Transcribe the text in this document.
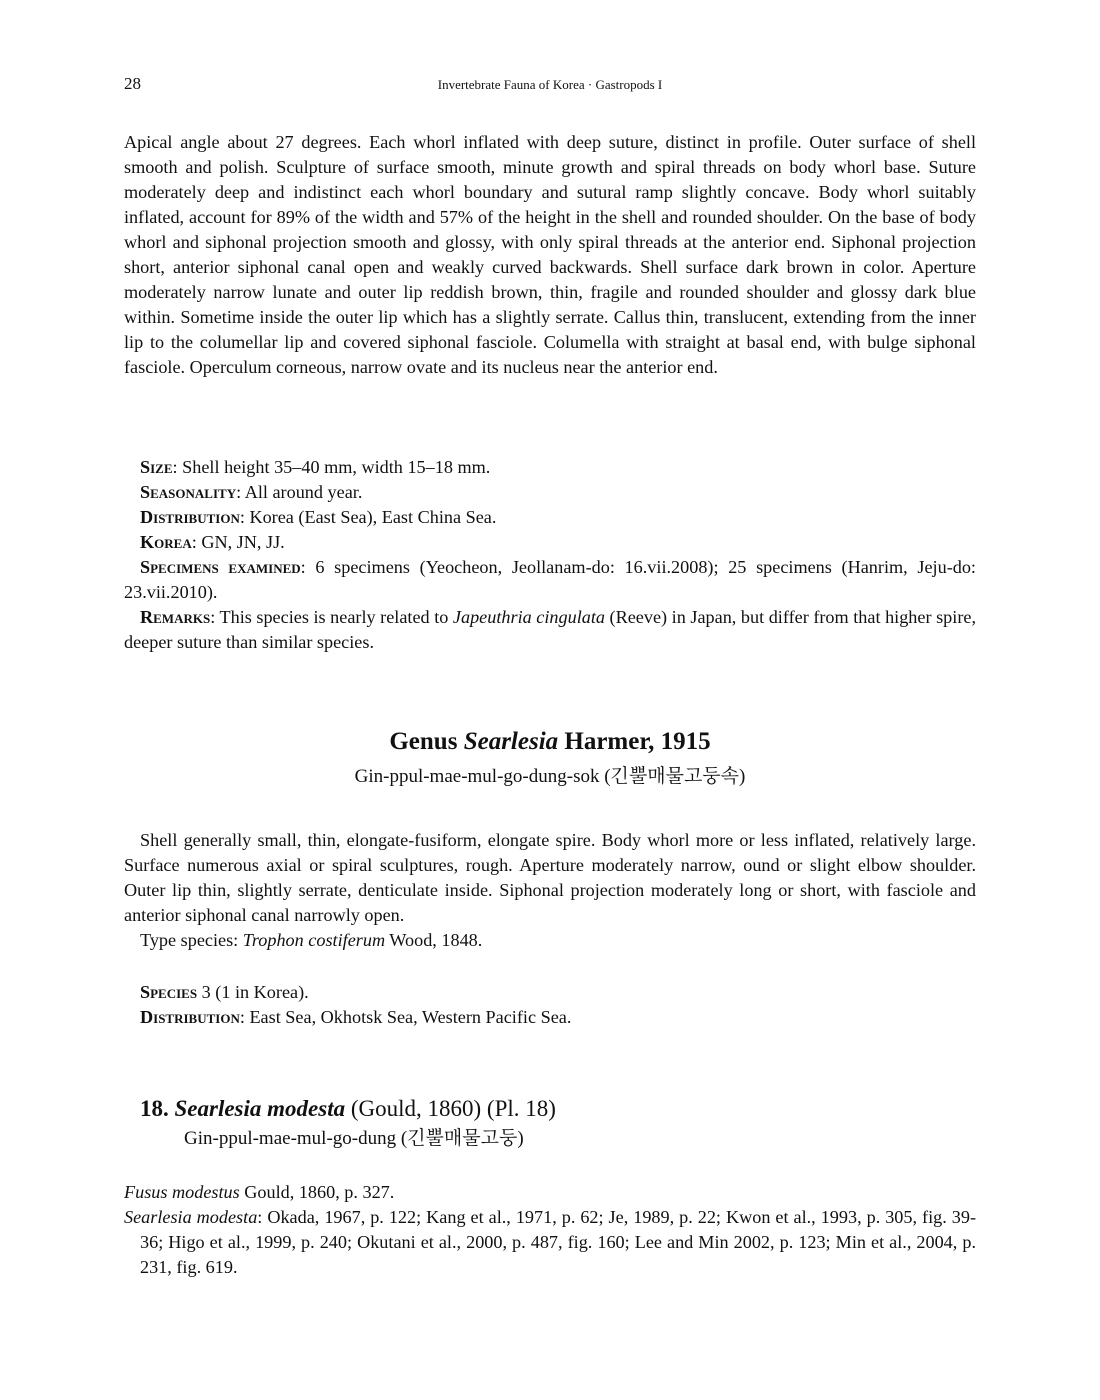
28	Invertebrate Fauna of Korea · Gastropods I

Apical angle about 27 degrees. Each whorl inflated with deep suture, distinct in profile. Outer surface of shell smooth and polish. Sculpture of surface smooth, minute growth and spiral threads on body whorl base. Suture moderately deep and indistinct each whorl boundary and sutural ramp slightly concave. Body whorl suitably inflated, account for 89% of the width and 57% of the height in the shell and rounded shoulder. On the base of body whorl and siphonal projection smooth and glossy, with only spiral threads at the anterior end. Siphonal projection short, anterior siphonal canal open and weakly curved backwards. Shell surface dark brown in color. Aperture moderately narrow lunate and outer lip reddish brown, thin, fragile and rounded shoulder and glossy dark blue within. Sometime inside the outer lip which has a slightly serrate. Callus thin, translucent, extending from the inner lip to the columellar lip and covered siphonal fasciole. Columella with straight at basal end, with bulge siphonal fasciole. Operculum corneous, narrow ovate and its nucleus near the anterior end.

Size: Shell height 35–40 mm, width 15–18 mm.
Seasonality: All around year.
Distribution: Korea (East Sea), East China Sea.
Korea: GN, JN, JJ.
Specimens examined: 6 specimens (Yeocheon, Jeollanam-do: 16.vii.2008); 25 specimens (Hanrim, Jeju-do: 23.vii.2010).
Remarks: This species is nearly related to Japeuthria cingulata (Reeve) in Japan, but differ from that higher spire, deeper suture than similar species.
Genus Searlesia Harmer, 1915
Gin-ppul-mae-mul-go-dung-sok (긴뿔매물고둥속)

Shell generally small, thin, elongate-fusiform, elongate spire. Body whorl more or less inflated, relatively large. Surface numerous axial or spiral sculptures, rough. Aperture moderately narrow, ound or slight elbow shoulder. Outer lip thin, slightly serrate, denticulate inside. Siphonal projection moderately long or short, with fasciole and anterior siphonal canal narrowly open.

Type species: Trophon costiferum Wood, 1848.
Species 3 (1 in Korea).
Distribution: East Sea, Okhotsk Sea, Western Pacific Sea.
18. Searlesia modesta (Gould, 1860) (Pl. 18)
Gin-ppul-mae-mul-go-dung (긴뿔매물고둥)
Fusus modestus Gould, 1860, p. 327.
Searlesia modesta: Okada, 1967, p. 122; Kang et al., 1971, p. 62; Je, 1989, p. 22; Kwon et al., 1993, p. 305, fig. 39-36; Higo et al., 1999, p. 240; Okutani et al., 2000, p. 487, fig. 160; Lee and Min 2002, p. 123; Min et al., 2004, p. 231, fig. 619.
